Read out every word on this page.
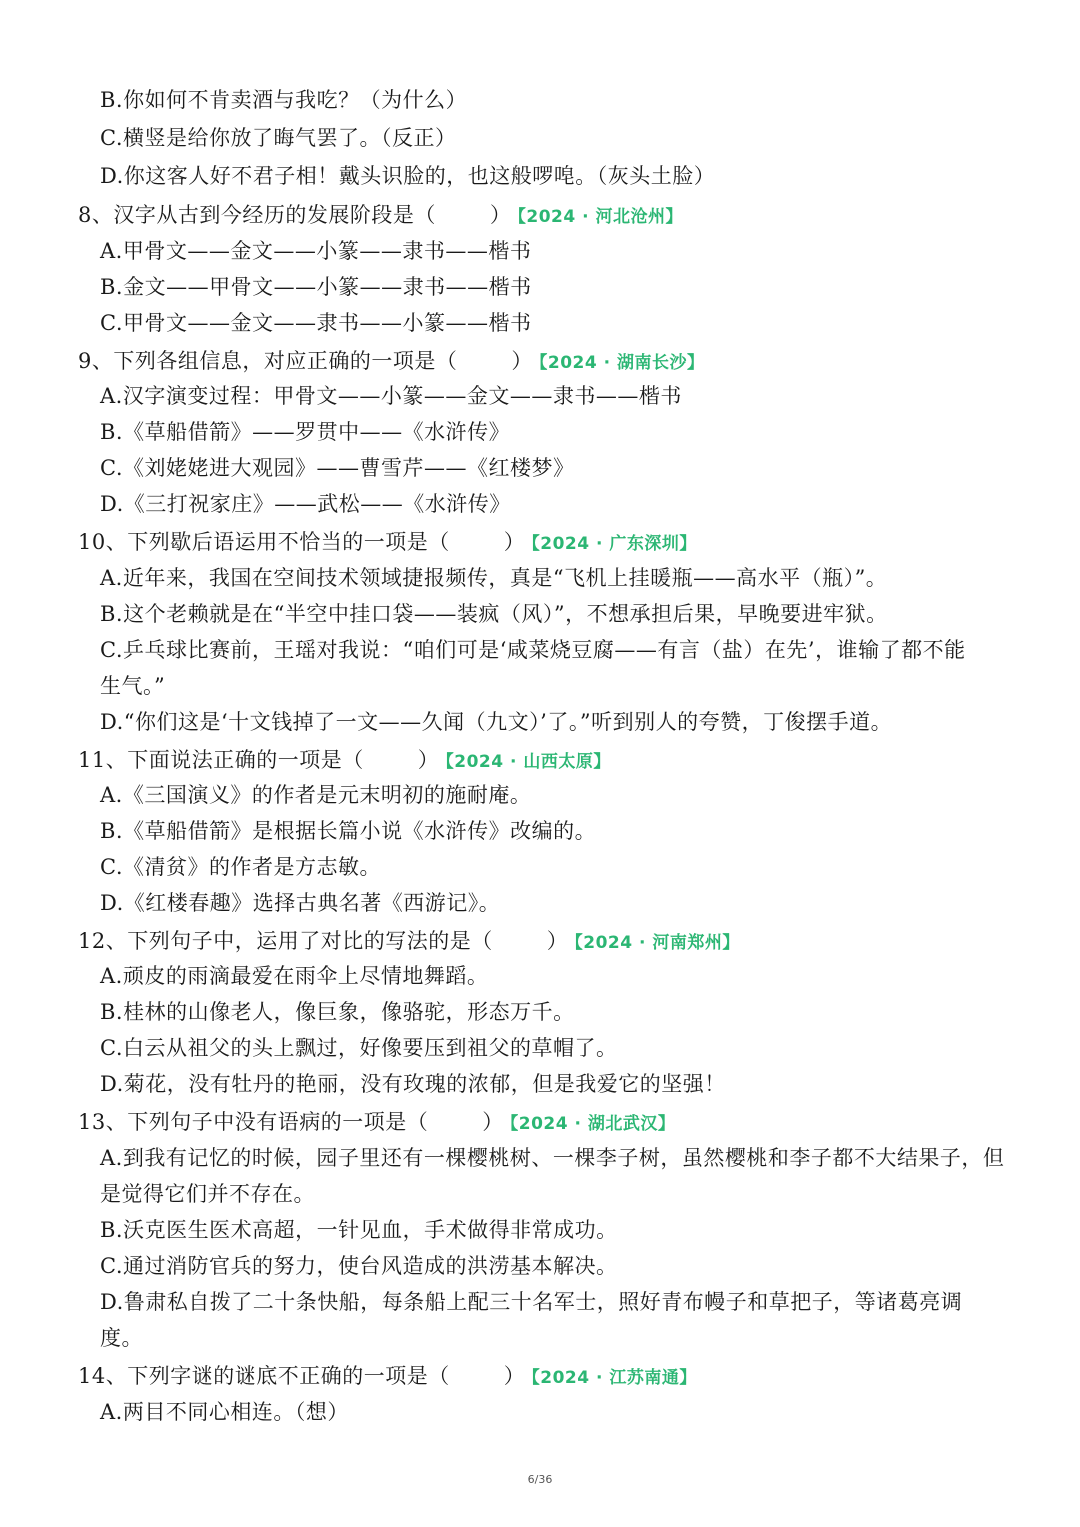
B.你如何不肯卖酒与我吃？（为什么）
C.横竖是给你放了晦气罢了。（反正）
D.你这客人好不君子相！戴头识脸的，也这般啰唣。（灰头土脸）
8、汉字从古到今经历的发展阶段是（	） 【2024 · 河北沧州】
A.甲骨文——金文——小篆——隶书——楷书
B.金文——甲骨文——小篆——隶书——楷书
C.甲骨文——金文——隶书——小篆——楷书
9、下列各组信息，对应正确的一项是（	） 【2024 · 湖南长沙】
A.汉字演变过程：甲骨文——小篆——金文——隶书——楷书
B.《草船借箭》——罗贯中——《水浒传》
C.《刘姥姥进大观园》——曹雪芹——《红楼梦》
D.《三打祝家庄》——武松——《水浒传》
10、下列歇后语运用不恰当的一项是（	） 【2024 · 广东深圳】
A.近年来，我国在空间技术领域捷报频传，真是“飞机上挂暖瓶——高水平（瓶）”。
B.这个老赖就是在“半空中挂口袋——装疯（风）”，不想承担后果，早晚要进牢狱。
C.乒乓球比赛前，王瑶对我说：“咱们可是‘咸菜烧豆腐——有言（盐）在先’，谁输了都不能
生气。”
D.“你们这是‘十文钱掉了一文——久闻（九文）’了。”听到别人的夸赞，丁俊摆手道。
11、下面说法正确的一项是（	） 【2024 · 山西太原】
A.《三国演义》的作者是元末明初的施耐庵。
B.《草船借箭》是根据长篇小说《水浒传》改编的。
C.《清贫》的作者是方志敏。
D.《红楼春趣》选择古典名著《西游记》。
12、下列句子中，运用了对比的写法的是（	） 【2024 · 河南郑州】
A.顽皮的雨滴最爱在雨伞上尽情地舞蹈。
B.桂林的山像老人，像巨象，像骆驼，形态万千。
C.白云从祖父的头上飘过，好像要压到祖父的草帽了。
D.菊花，没有牡丹的艳丽，没有玫瑰的浓郁，但是我爱它的坚强！
13、下列句子中没有语病的一项是（	） 【2024 · 湖北武汉】
A.到我有记忆的时候，园子里还有一棵樱桃树、一棵李子树，虽然樱桃和李子都不大结果子，但
是觉得它们并不存在。
B.沃克医生医术高超，一针见血，手术做得非常成功。
C.通过消防官兵的努力，使台风造成的洪涝基本解决。
D.鲁肃私自拨了二十条快船，每条船上配三十名军士，照好青布幔子和草把子，等诸葛亮调
度。
14、下列字谜的谜底不正确的一项是（	） 【2024 · 江苏南通】
A.两目不同心相连。（想）
6/36
